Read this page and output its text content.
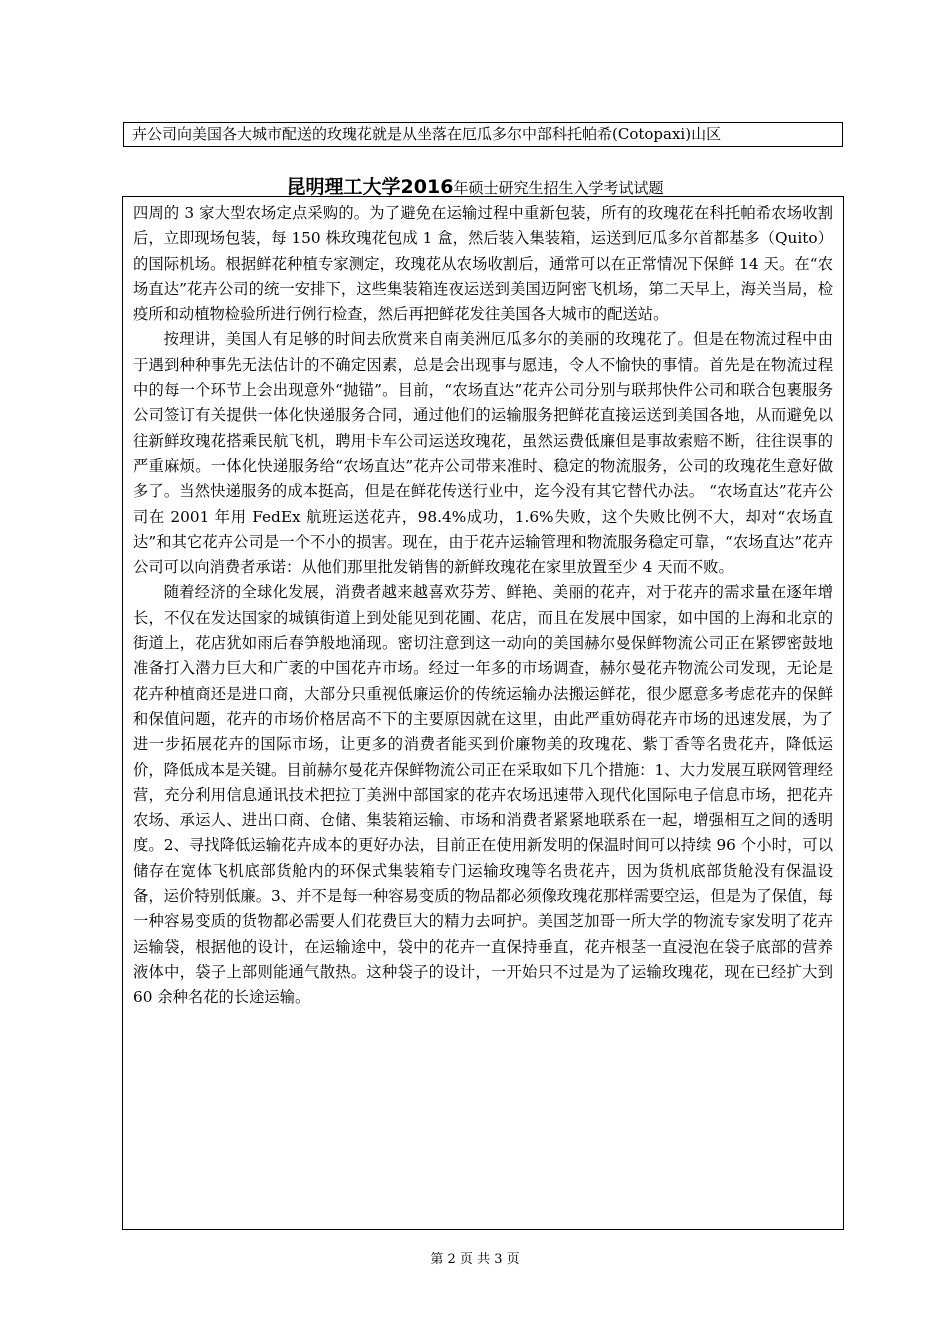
卉公司向美国各大城市配送的玫瑰花就是从坐落在厄瓜多尔中部科托帕希(Cotopaxi)山区
昆明理工大学2016年硕士研究生招生入学考试试题

四周的 3 家大型农场定点采购的。为了避免在运输过程中重新包装，所有的玫瑰花在科托帕希农场收割后，立即现场包装，每 150 株玫瑰花包成 1 盒，然后装入集装箱，运送到厄瓜多尔首都基多（Quito）的国际机场。根据鲜花种植专家测定，玫瑰花从农场收割后，通常可以在正常情况下保鲜 14 天。在“农场直达”花卉公司的统一安排下，这些集装箱连夜运送到美国迈阿密飞机场，第二天早上，海关当局，检疫所和动植物检验所进行例行检查，然后再把鲜花发往美国各大城市的配送站。

按理讲，美国人有足够的时间去欣赏来自南美洲厄瓜多尔的美丽的玫瑰花了。但是在物流过程中由于遇到种种事先无法估计的不确定因素，总是会出现事与愿违，令人不愉快的事情。首先是在物流过程中的每一个环节上会出现意外“抛锚”。目前，“农场直达”花卉公司分别与联邦快件公司和联合包裹服务公司签订有关提供一体化快递服务合同，通过他们的运输服务把鲜花直接运送到美国各地，从而避免以往新鲜玫瑰花搭乘民航飞机，聘用卡车公司运送玫瑰花，虽然运费低廉但是事故索赔不断，往往误事的严重麻烦。一体化快递服务给“农场直达”花卉公司带来准时、稳定的物流服务，公司的玫瑰花生意好做多了。当然快递服务的成本挺高，但是在鲜花传送行业中，迄今没有其它替代办法。 “农场直达”花卉公司在 2001 年用 FedEx 航班运送花卉，98.4%成功，1.6%失败，这个失败比例不大，却对“农场直达”和其它花卉公司是一个不小的损害。现在，由于花卉运输管理和物流服务稳定可靠，“农场直达”花卉公司可以向消费者承诺：从他们那里批发销售的新鲜玫瑰花在家里放置至少 4 天而不败。

随着经济的全球化发展，消费者越来越喜欢芬芳、鲜艳、美丽的花卉，对于花卉的需求量在逐年增长，不仅在发达国家的城镇街道上到处能见到花圃、花店，而且在发展中国家，如中国的上海和北京的街道上，花店犹如雨后春笋般地涌现。密切注意到这一动向的美国赫尔曼保鲜物流公司正在紧锣密鼓地准备打入潜力巨大和广袤的中国花卉市场。经过一年多的市场调查，赫尔曼花卉物流公司发现，无论是花卉种植商还是进口商，大部分只重视低廉运价的传统运输办法搬运鲜花，很少愿意多考虑花卉的保鲜和保值问题，花卉的市场价格居高不下的主要原因就在这里，由此严重妨碍花卉市场的迅速发展，为了进一步拓展花卉的国际市场，让更多的消费者能买到价廉物美的玫瑰花、紫丁香等名贵花卉，降低运价，降低成本是关键。目前赫尔曼花卉保鲜物流公司正在采取如下几个措施：1、大力发展互联网管理经营，充分利用信息通讯技术把拉丁美洲中部国家的花卉农场迅速带入现代化国际电子信息市场，把花卉农场、承运人、进出口商、仓储、集装箱运输、市场和消费者紧紧地联系在一起，增强相互之间的透明度。2、寻找降低运输花卉成本的更好办法，目前正在使用新发明的保温时间可以持续 96 个小时，可以储存在宽体飞机底部货舱内的环保式集装箱专门运输玫瑰等名贵花卉，因为货机底部货舱没有保温设备，运价特别低廉。3、并不是每一种容易变质的物品都必须像玫瑰花那样需要空运，但是为了保值，每一种容易变质的货物都必需要人们花费巨大的精力去呵护。美国芝加哥一所大学的物流专家发明了花卉运输袋，根据他的设计，在运输途中，袋中的花卉一直保持垂直，花卉根茎一直浸泡在袋子底部的营养液体中，袋子上部则能通气散热。这种袋子的设计，一开始只不过是为了运输玫瑰花，现在已经扩大到 60 余种名花的长途运输。

第 2 页 共 3 页
